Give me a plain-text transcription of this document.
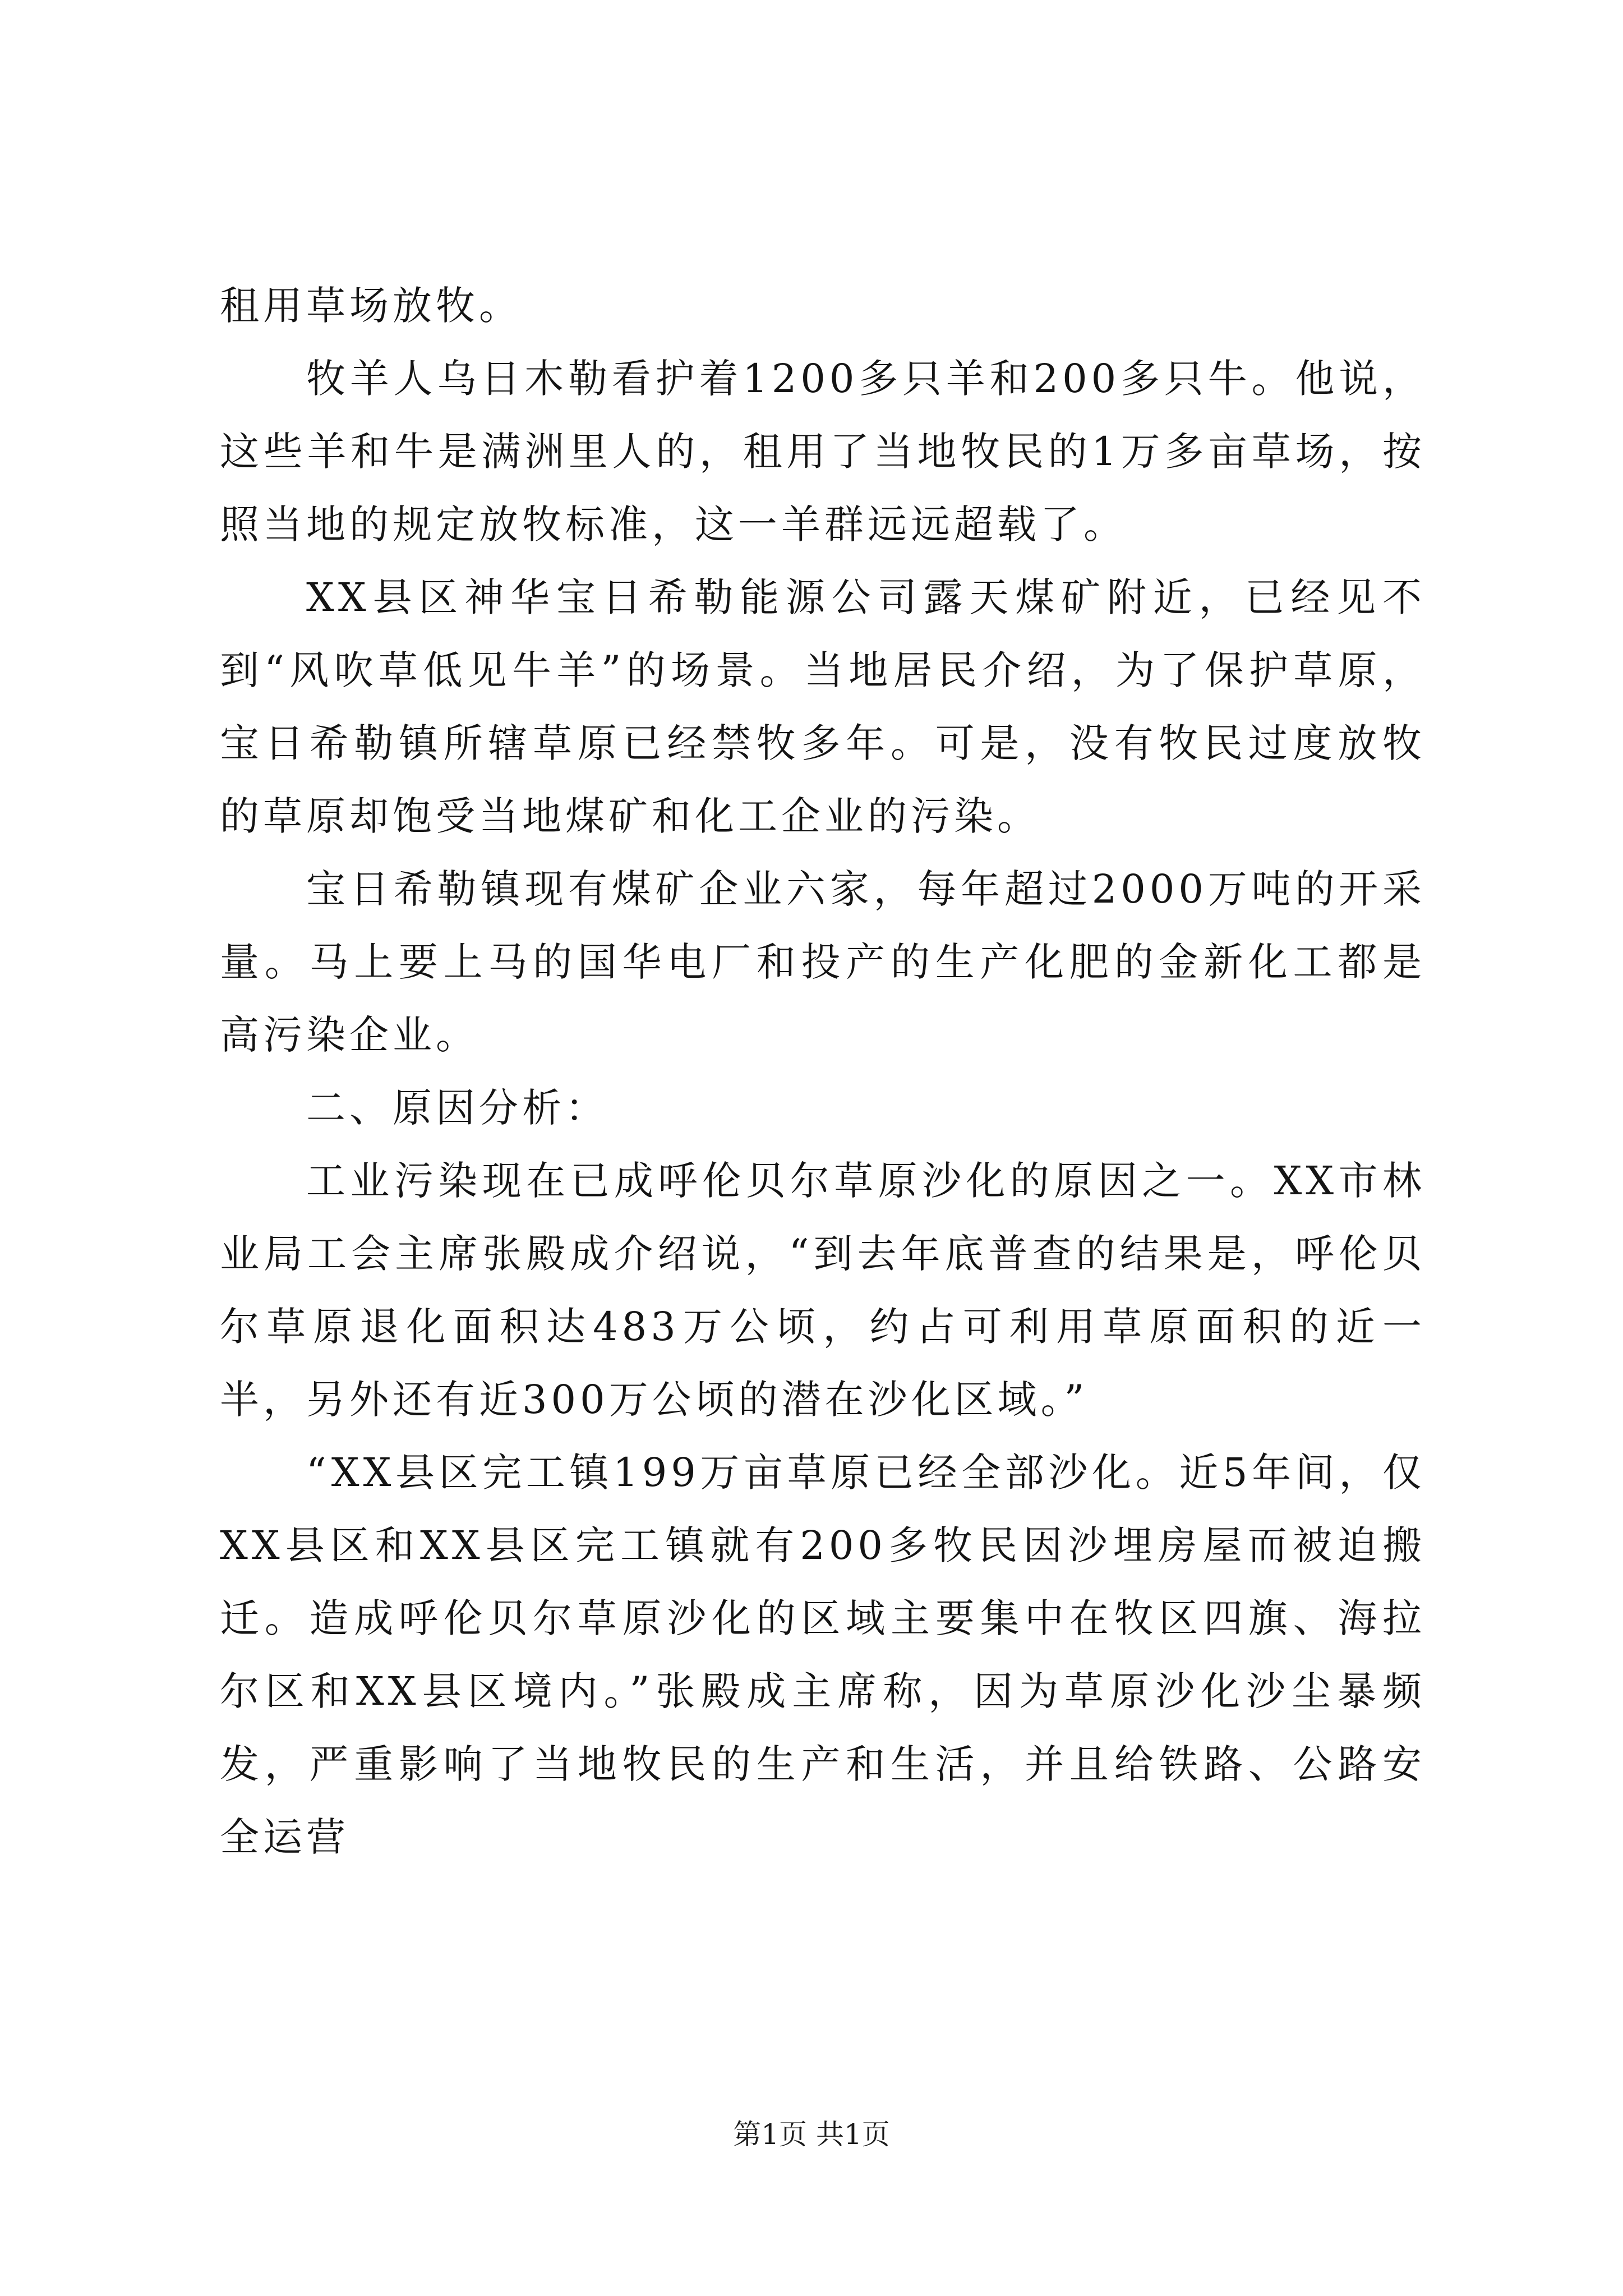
租用草场放牧。

牧羊人乌日木勒看护着1200多只羊和200多只牛。他说，这些羊和牛是满洲里人的，租用了当地牧民的1万多亩草场，按照当地的规定放牧标准，这一羊群远远超载了。

XX县区神华宝日希勒能源公司露天煤矿附近，已经见不到“风吹草低见牛羊”的场景。当地居民介绍，为了保护草原，宝日希勒镇所辖草原已经禁牧多年。可是，没有牧民过度放牧的草原却饱受当地煤矿和化工企业的污染。

宝日希勒镇现有煤矿企业六家，每年超过2000万吨的开采量。马上要上马的国华电厂和投产的生产化肥的金新化工都是高污染企业。

二、原因分析：

工业污染现在已成呼伦贝尔草原沙化的原因之一。XX市林业局工会主席张殿成介绍说，“到去年底普查的结果是，呼伦贝尔草原退化面积达483万公顷，约占可利用草原面积的近一半，另外还有近300万公顷的潜在沙化区域。”

“XX县区完工镇199万亩草原已经全部沙化。近5年间，仅XX县区和XX县区完工镇就有200多牧民因沙埋房屋而被迫搬迁。造成呼伦贝尔草原沙化的区域主要集中在牧区四旗、海拉尔区和XX县区境内。”张殿成主席称，因为草原沙化沙尘暴频发，严重影响了当地牧民的生产和生活，并且给铁路、公路安全运营

第1页 共1页
